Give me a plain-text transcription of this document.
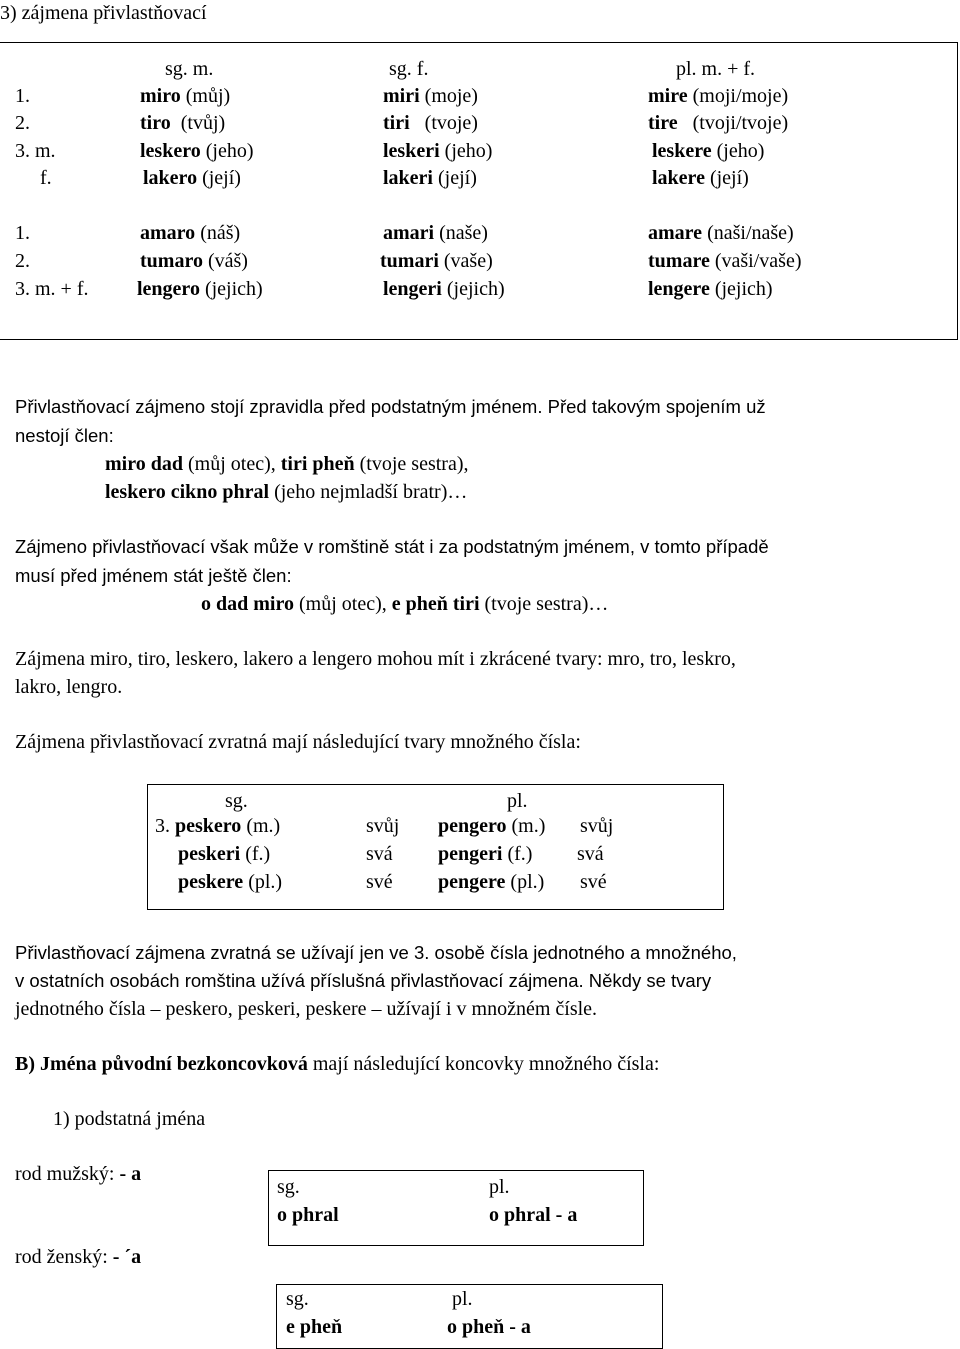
3) zájmena přivlastňovací
sg. m.	sg. f.	pl. m. + f.
1.	miro (můj)	miri (moje)	mire (moji/moje)
2.	tiro (tvůj)	tiri (tvoje)	tire (tvoji/tvoje)
3. m.	leskero (jeho)	leskeri (jeho)	leskere (jeho)
f.	lakero (její)	lakeri (její)	lakere (její)
1.	amaro (náš)	amari (naše)	amare (naši/naše)
2.	tumaro (váš)	tumari (vaše)	tumare (vaši/vaše)
3. m. + f. lengero (jejich)	lengeri (jejich)	lengere (jejich)
Přivlastňovací zájmeno stojí zpravidla před podstatným jménem. Před takovým spojením už
nestojí člen:
miro dad (můj otec), tiri pheň (tvoje sestra),
leskero cikno phral (jeho nejmladší bratr)…
Zájmeno přivlastňovací však může v romštině stát i za podstatným jménem, v tomto případě
musí před jménem stát ještě člen:
o dad miro (můj otec), e pheň tiri (tvoje sestra)…
Zájmena miro, tiro, leskero, lakero a lengero mohou mít i zkrácené tvary: mro, tro, leskro,
lakro, lengro.
Zájmena přivlastňovací zvratná mají následující tvary množného čísla:
sg.	pl.
3. peskero (m.)	svůj pengero (m.) svůj
peskeri (f.)	svá pengeri (f.) svá
peskere (pl.)	své pengere (pl.) své
Přivlastňovací zájmena zvratná se užívají jen ve 3. osobě čísla jednotného a množného,
v ostatních osobách romština užívá příslušná přivlastňovací zájmena. Někdy se tvary
jednotného čísla – peskero, peskeri, peskere – užívají i v množném čísle.
B) Jména původní bezkoncovková mají následující koncovky množného čísla:
1) podstatná jména
rod mužský: - a
sg.	pl.
o phral	o phral - a
rod ženský: - ´a
sg.	pl.
e pheň	o pheň - a
